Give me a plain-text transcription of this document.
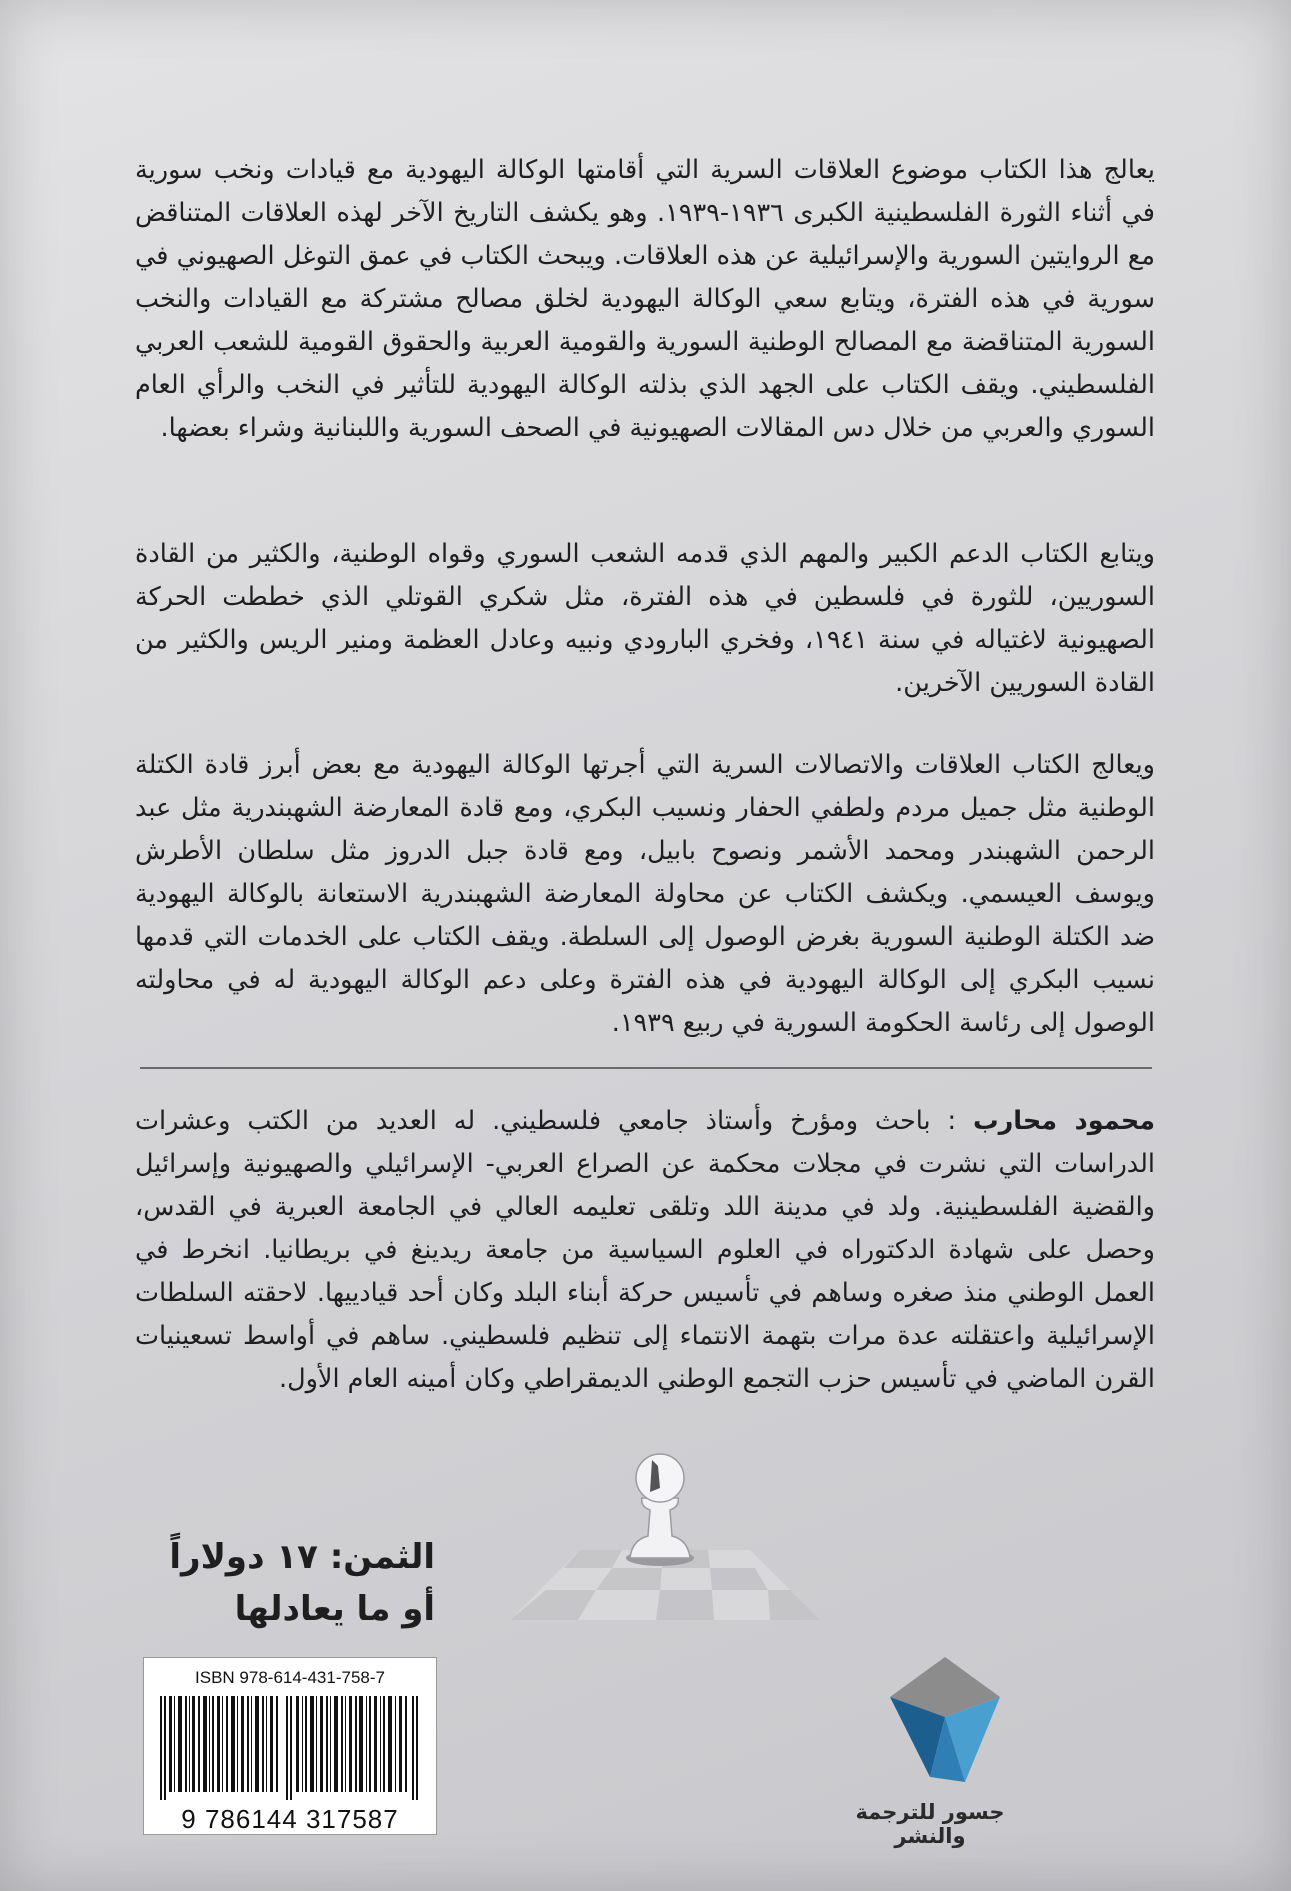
يعالج هذا الكتاب موضوع العلاقات السرية التي أقامتها الوكالة اليهودية مع قيادات ونخب سورية في أثناء الثورة الفلسطينية الكبرى ١٩٣٦-١٩٣٩. وهو يكشف التاريخ الآخر لهذه العلاقات المتناقض مع الروايتين السورية والإسرائيلية عن هذه العلاقات. ويبحث الكتاب في عمق التوغل الصهيوني في سورية في هذه الفترة، ويتابع سعي الوكالة اليهودية لخلق مصالح مشتركة مع القيادات والنخب السورية المتناقضة مع المصالح الوطنية السورية والقومية العربية والحقوق القومية للشعب العربي الفلسطيني. ويقف الكتاب على الجهد الذي بذلته الوكالة اليهودية للتأثير في النخب والرأي العام السوري والعربي من خلال دس المقالات الصهيونية في الصحف السورية واللبنانية وشراء بعضها.

ويتابع الكتاب الدعم الكبير والمهم الذي قدمه الشعب السوري وقواه الوطنية، والكثير من القادة السوريين، للثورة في فلسطين في هذه الفترة، مثل شكري القوتلي الذي خططت الحركة الصهيونية لاغتياله في سنة ١٩٤١، وفخري البارودي ونبيه وعادل العظمة ومنير الريس والكثير من القادة السوريين الآخرين.

ويعالج الكتاب العلاقات والاتصالات السرية التي أجرتها الوكالة اليهودية مع بعض أبرز قادة الكتلة الوطنية مثل جميل مردم ولطفي الحفار ونسيب البكري، ومع قادة المعارضة الشهبندرية مثل عبد الرحمن الشهبندر ومحمد الأشمر ونصوح بابيل، ومع قادة جبل الدروز مثل سلطان الأطرش ويوسف العيسمي. ويكشف الكتاب عن محاولة المعارضة الشهبندرية الاستعانة بالوكالة اليهودية ضد الكتلة الوطنية السورية بغرض الوصول إلى السلطة. ويقف الكتاب على الخدمات التي قدمها نسيب البكري إلى الوكالة اليهودية في هذه الفترة وعلى دعم الوكالة اليهودية له في محاولته الوصول إلى رئاسة الحكومة السورية في ربيع ١٩٣٩.

محمود محارب : باحث ومؤرخ وأستاذ جامعي فلسطيني. له العديد من الكتب وعشرات الدراسات التي نشرت في مجلات محكمة عن الصراع العربي- الإسرائيلي والصهيونية وإسرائيل والقضية الفلسطينية. ولد في مدينة اللد وتلقى تعليمه العالي في الجامعة العبرية في القدس، وحصل على شهادة الدكتوراه في العلوم السياسية من جامعة ريدينغ في بريطانيا. انخرط في العمل الوطني منذ صغره وساهم في تأسيس حركة أبناء البلد وكان أحد قيادييها. لاحقته السلطات الإسرائيلية واعتقلته عدة مرات بتهمة الانتماء إلى تنظيم فلسطيني. ساهم في أواسط تسعينيات القرن الماضي في تأسيس حزب التجمع الوطني الديمقراطي وكان أمينه العام الأول.

الثمن: ١٧ دولاراً

أو ما يعادلها

ISBN 978-614-431-758-7
9 786144 317587	جسور للترجمة والنشر
